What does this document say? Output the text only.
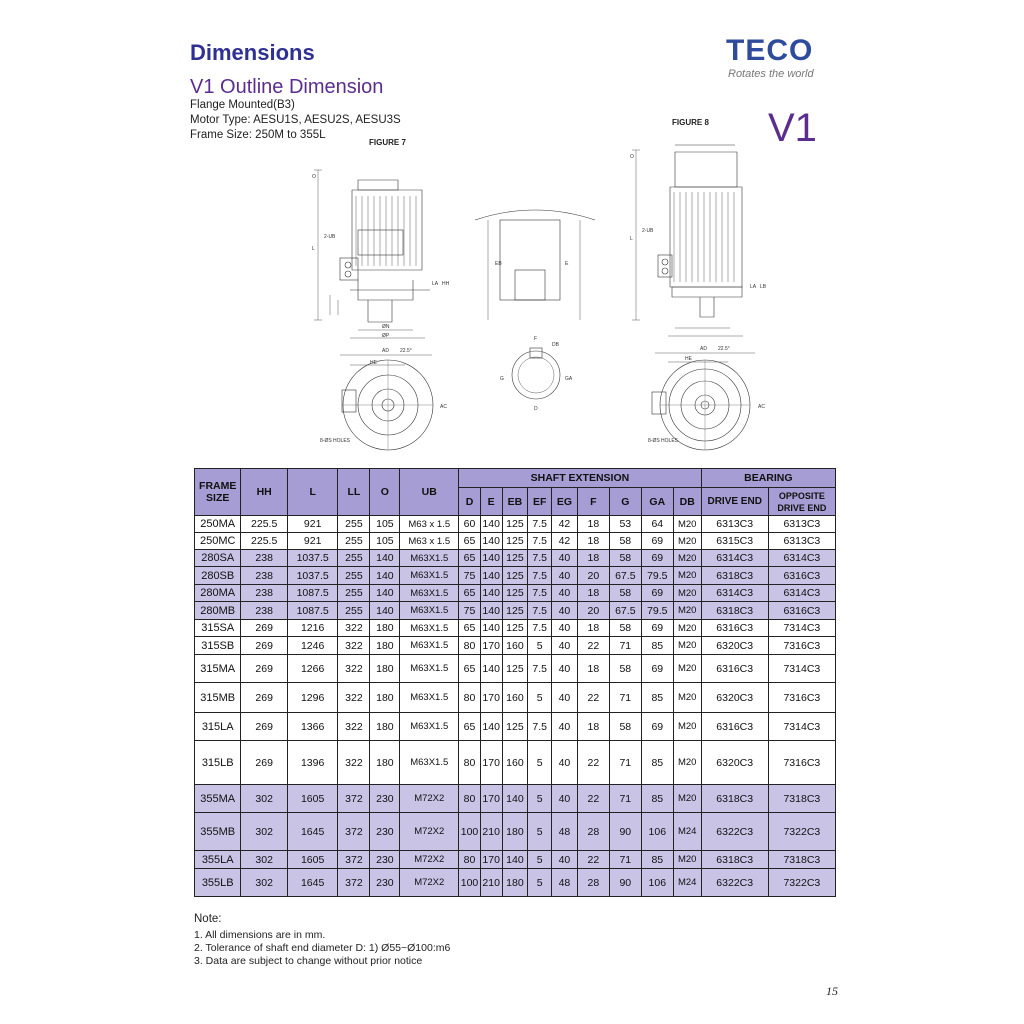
Dimensions
V1 Outline Dimension
Flange Mounted(B3)
Motor Type: AESU1S, AESU2S, AESU3S
Frame Size: 250M to 355L
TECO
Rotates the world
V1
FIGURE 7
FIGURE 8
O
L
2-UB
ØN
ØP
LA HH
AD 22.5°
HE
8-ØS HOLES
AC
EB	E
DB
G	GA
D
F
O
L
2-UB
LA LB
AD 22.5°
HE
8-ØS HOLES
AC
FRAME
SIZE	HH	L	LL	O	UB	SHAFT EXTENSION									BEARING	
						D	E	EB	EF	EG	F	G	GA	DB	DRIVE END	OPPOSITE
DRIVE END

250MA	225.5	921	255	105	M63 x 1.5	60	140	125	7.5	42	18	53	64	M20	6313C3	6313C3
250MC	225.5	921	255	105	M63 x 1.5	65	140	125	7.5	42	18	58	69	M20	6315C3	6313C3
280SA	238	1037.5	255	140	M63X1.5	65	140	125	7.5	40	18	58	69	M20	6314C3	6314C3
280SB	238	1037.5	255	140	M63X1.5	75	140	125	7.5	40	20	67.5	79.5	M20	6318C3	6316C3
280MA	238	1087.5	255	140	M63X1.5	65	140	125	7.5	40	18	58	69	M20	6314C3	6314C3
280MB	238	1087.5	255	140	M63X1.5	75	140	125	7.5	40	20	67.5	79.5	M20	6318C3	6316C3
315SA	269	1216	322	180	M63X1.5	65	140	125	7.5	40	18	58	69	M20	6316C3	7314C3
315SB	269	1246	322	180	M63X1.5	80	170	160	5	40	22	71	85	M20	6320C3	7316C3
315MA	269	1266	322	180	M63X1.5	65	140	125	7.5	40	18	58	69	M20	6316C3	7314C3
315MB	269	1296	322	180	M63X1.5	80	170	160	5	40	22	71	85	M20	6320C3	7316C3
315LA	269	1366	322	180	M63X1.5	65	140	125	7.5	40	18	58	69	M20	6316C3	7314C3
315LB	269	1396	322	180	M63X1.5	80	170	160	5	40	22	71	85	M20	6320C3	7316C3
355MA	302	1605	372	230	M72X2	80	170	140	5	40	22	71	85	M20	6318C3	7318C3
355MB	302	1645	372	230	M72X2	100	210	180	5	48	28	90	106	M24	6322C3	7322C3
355LA	302	1605	372	230	M72X2	80	170	140	5	40	22	71	85	M20	6318C3	7318C3
355LB	302	1645	372	230	M72X2	100	210	180	5	48	28	90	106	M24	6322C3	7322C3
Note:
1. All dimensions are in mm.
2. Tolerance of shaft end diameter D: 1) Ø55~Ø100:m6
3. Data are subject to change without prior notice
15
